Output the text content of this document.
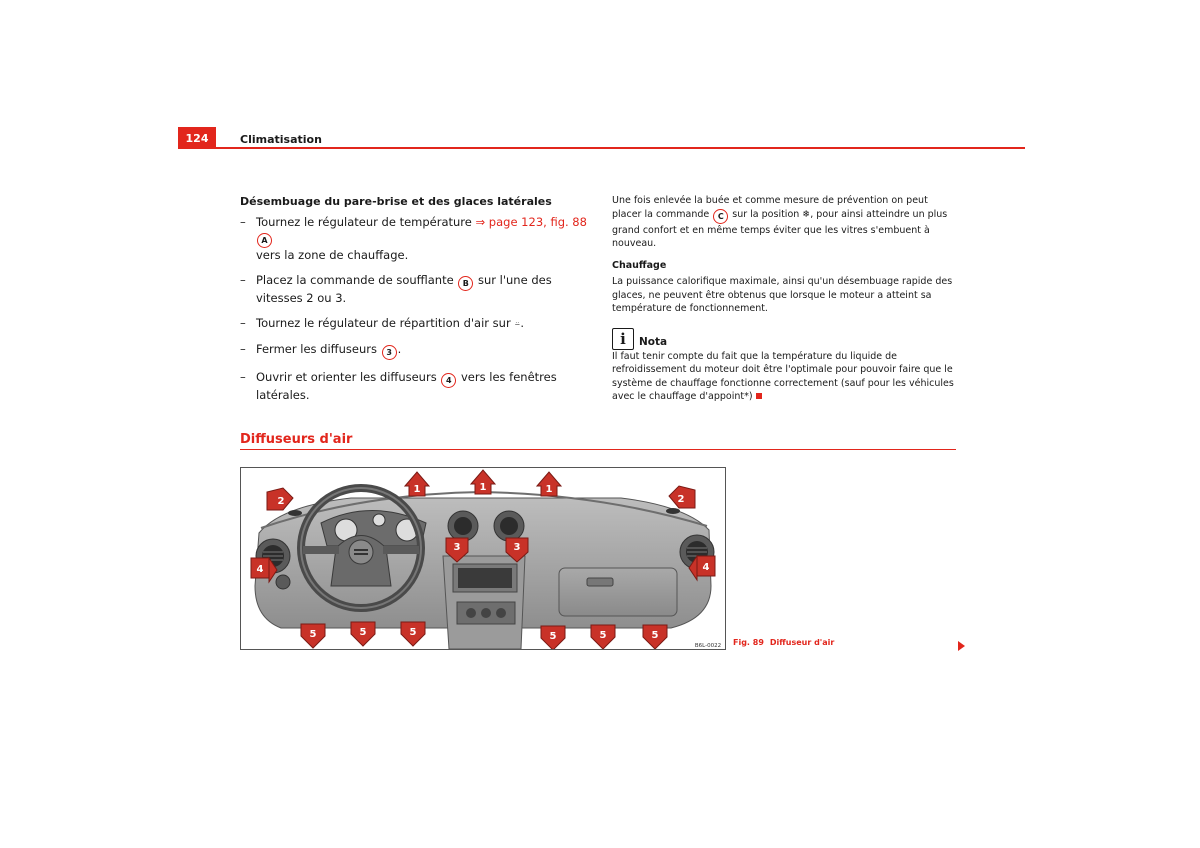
124	Climatisation
Désembuage du pare-brise et des glaces latérales
– Tournez le régulateur de température ⇒ page 123, fig. 88 A
vers la zone de chauffage.
– Placez la commande de soufflante B sur l'une des vitesses 2 ou 3.
– Tournez le régulateur de répartition d'air sur ⍨.
– Fermer les diffuseurs 3 .
– Ouvrir et orienter les diffuseurs 4 vers les fenêtres latérales.

Une fois enlevée la buée et comme mesure de prévention on peut placer la commande C sur la position ❄, pour ainsi atteindre un plus grand confort et en même temps éviter que les vitres s'embuent à nouveau.

Chauffage

La puissance calorifique maximale, ainsi qu'un désembuage rapide des glaces, ne peuvent être obtenus que lorsque le moteur a atteint sa température de fonctionnement.

i	Nota

Il faut tenir compte du fait que la température du liquide de refroidissement du moteur doit être l'optimale pour pouvoir faire que le système de chauffage fonctionne correctement (sauf pour les véhicules avec le chauffage d'appoint*)

Diffuseurs d'air
1	1	1
2	2
3	3
4	4
5	5	5	5	5	5
B6L-0022 Fig. 89 Diffuseur d'air
